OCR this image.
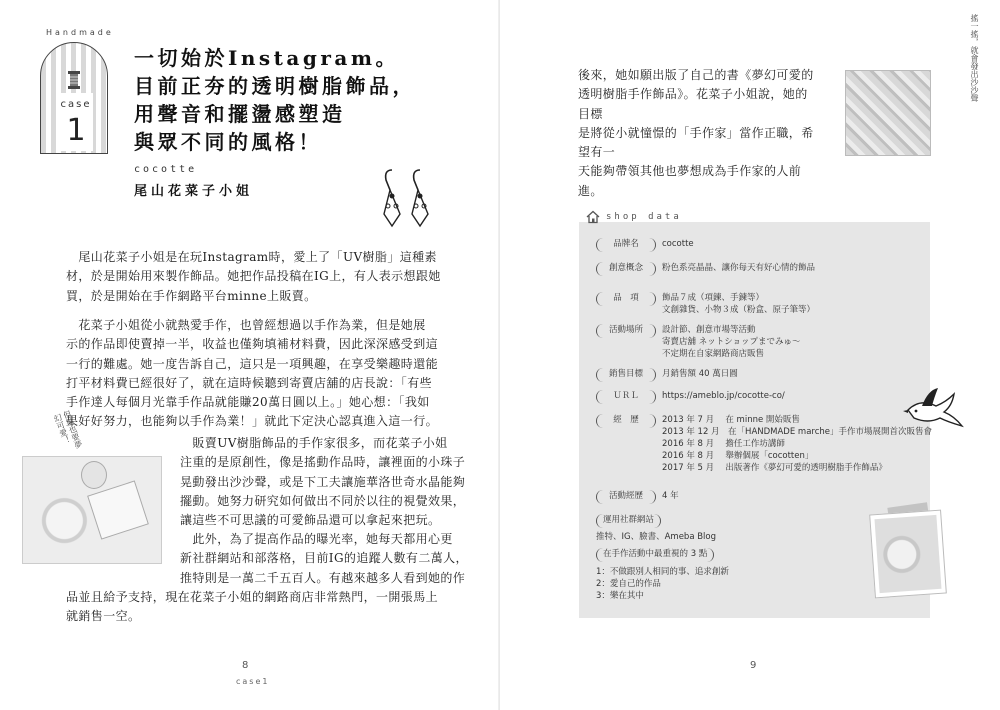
Handmade
case
1
一切始於Instagram。
目前正夯的透明樹脂飾品，
用聲音和擺盪感塑造
與眾不同的風格！
cocotte
尾山花菜子小姐
　尾山花菜子小姐是在玩Instagram時，愛上了「UV樹脂」這種素
材，於是開始用來製作飾品。她把作品投稿在IG上，有人表示想跟她
買，於是開始在手作網路平台minne上販賣。
　花菜子小姐從小就熱愛手作，也曾經想過以手作為業，但是她展
示的作品即使賣掉一半，收益也僅夠填補材料費，因此深深感受到這
一行的難處。她一度告訴自己，這只是一項興趣，在享受樂趣時還能
打平材料費已經很好了，就在這時候聽到寄賣店舖的店長說：「有些
手作達人每個月光靠手作品就能賺20萬日圓以上。」她心想：「我如
果好好努力，也能夠以手作為業！」就此下定決心認真進入這一行。
但髮也要夢幻可愛！	　販賣UV樹脂飾品的手作家很多，而花菜子小姐
注重的是原創性，像是搖動作品時，讓裡面的小珠子
晃動發出沙沙聲，或是下工夫讓施華洛世奇水晶能夠
擺動。她努力研究如何做出不同於以往的視覺效果，
讓這些不可思議的可愛飾品還可以拿起來把玩。
　此外，為了提高作品的曝光率，她每天都用心更
新社群網站和部落格，目前IG的追蹤人數有二萬人，
推特則是一萬二千五百人。有越來越多人看到她的作
品並且給予支持，現在花菜子小姐的網路商店非常熱門，一開張馬上
就銷售一空。
8
case1
搖一搖，就會發出沙沙聲
後來，她如願出版了自己的書《夢幻可愛的
透明樹脂手作飾品》。花菜子小姐說，她的目標
是將從小就憧憬的「手作家」當作正職，希望有一
天能夠帶領其他也夢想成為手作家的人前進。
shop data
品牌名	cocotte
創意概念	粉色系亮晶晶、讓你每天有好心情的飾品
品　項	飾品７成（項鍊、手鍊等）
文創雜貨、小物３成（粉盒、原子筆等）
活動場所	設計節、創意市場等活動
寄賣店舖 ネットショップまでみゅ～
不定期在自家網路商店販售
銷售目標	月銷售額 40 萬日圓
ＵＲＬ	https://ameblo.jp/cocotte-co/
經　歷	2013 年 7 月　 在 minne 開始販售
2013 年 12 月　在「HANDMADE marche」手作市場展開首次販售會
2016 年 8 月　 擔任工作坊講師
2016 年 8 月　 舉辦個展「cocotten」
2017 年 5 月　 出版著作《夢幻可愛的透明樹脂手作飾品》
活動經歷	4 年
運用社群網站
推特、IG、臉書、Ameba Blog
在手作活動中最重視的 3 點
1：不做跟別人相同的事、追求創新
2：愛自己的作品
3：樂在其中
9
